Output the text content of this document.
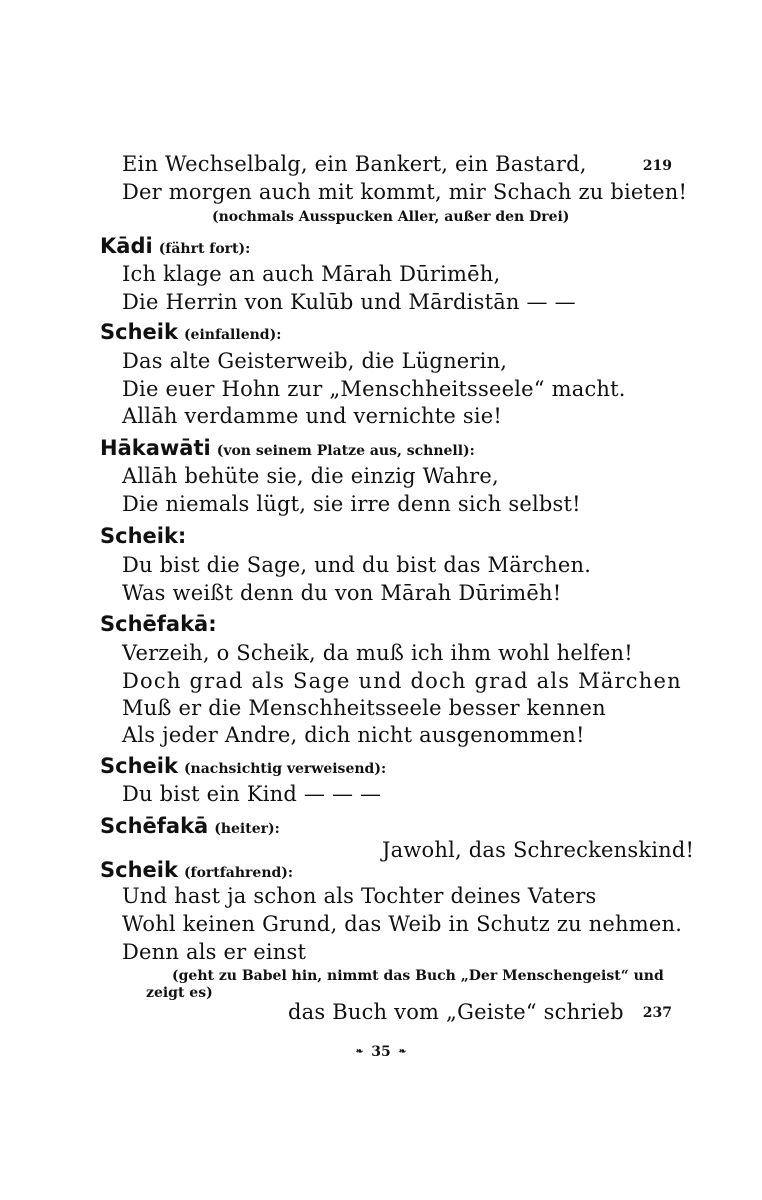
219
Ein Wechselbalg, ein Bankert, ein Bastard,
Der morgen auch mit kommt, mir Schach zu bieten!
(nochmals Ausspucken Aller, außer den Drei)
Kādi (fährt fort):
Ich klage an auch Mārah Dūrimēh,
Die Herrin von Kulūb und Mārdistān — —
Scheik (einfallend):
Das alte Geisterweib, die Lügnerin,
Die euer Hohn zur „Menschheitsseele“ macht.
Allāh verdamme und vernichte sie!
Hākawāti (von seinem Platze aus, schnell):
Allāh behüte sie, die einzig Wahre,
Die niemals lügt, sie irre denn sich selbst!
Scheik:
Du bist die Sage, und du bist das Märchen.
Was weißt denn du von Mārah Dūrimēh!
Schēfakā:
Verzeih, o Scheik, da muß ich ihm wohl helfen!
Doch grad als Sage und doch grad als Märchen
Muß er die Menschheitsseele besser kennen
Als jeder Andre, dich nicht ausgenommen!
Scheik (nachsichtig verweisend):
Du bist ein Kind — — —
Schēfakā (heiter):
Jawohl, das Schreckenskind!
Scheik (fortfahrend):
Und hast ja schon als Tochter deines Vaters
Wohl keinen Grund, das Weib in Schutz zu nehmen.
Denn als er einst
(geht zu Babel hin, nimmt das Buch „Der Menschengeist“ und
zeigt es)
das Buch vom „Geiste“ schrieb 237
❧ 35 ❧
